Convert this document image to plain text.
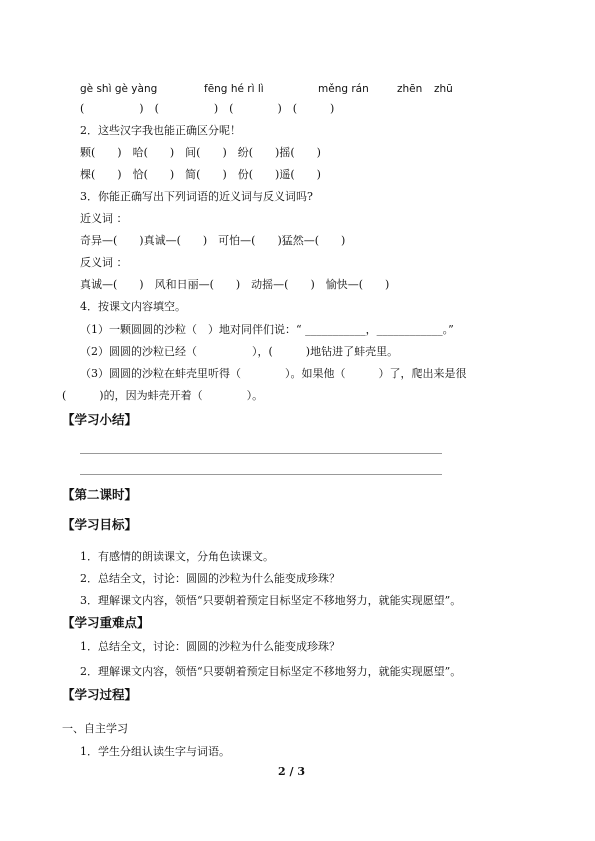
gè shì gè yàng	fēng hé rì lì	měng rán	zhēn zhū
(　　　　　)　(　　　　　)　(　　　　)　(　　　)
2．这些汉字我也能正确区分呢！
颗(　　)　哈(　　)　间(　　)　纷(　　)摇(　　)
棵(　　)　恰(　　)　简(　　)　份(　　)遥(　　)
3．你能正确写出下列词语的近义词与反义词吗?
近义词 ：
奇异—(　　)真诚—(　　)　可怕—(　　)猛然—(　　)
反义词 ：
真诚—(　　)　风和日丽—(　　)　动摇—(　　)　愉快—(　　)
4．按课文内容填空。
（1）一颗圆圆的沙粒（　）地对同伴们说：“ ___________，____________。”
（2）圆圆的沙粒已经（　　　　　），(　　　)地钻进了蚌壳里。
（3）圆圆的沙粒在蚌壳里听得（　　　　）。如果他（　　　）了，爬出来是很
(　　　)的，因为蚌壳开着（　　　　）。
【学习小结】
【第二课时】
【学习目标】
1．有感情的朗读课文，分角色读课文。
2．总结全文，讨论：圆圆的沙粒为什么能变成珍珠？
3．理解课文内容，领悟“只要朝着预定目标坚定不移地努力，就能实现愿望”。
【学习重难点】
1．总结全文，讨论：圆圆的沙粒为什么能变成珍珠？
2．理解课文内容，领悟“只要朝着预定目标坚定不移地努力，就能实现愿望”。
【学习过程】
一、自主学习
1．学生分组认读生字与词语。
2 / 3
